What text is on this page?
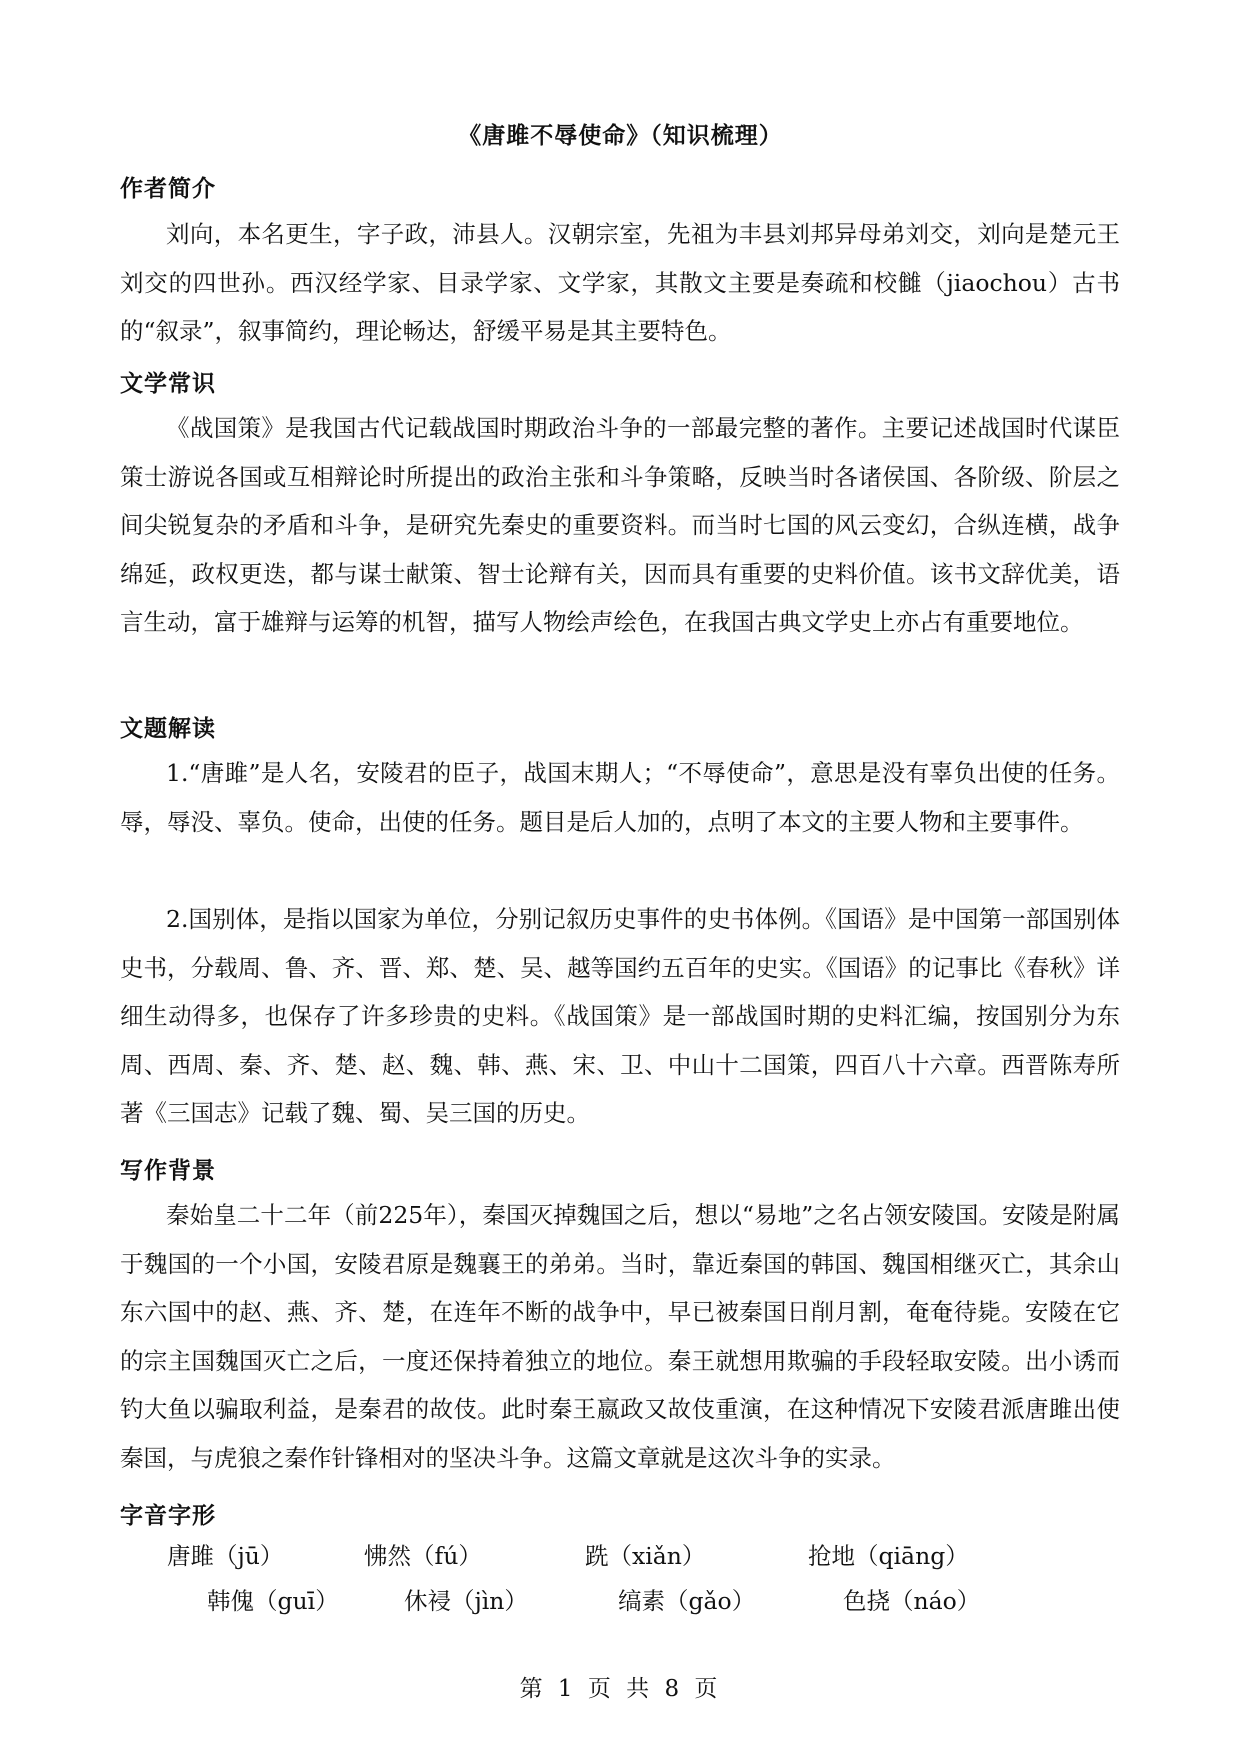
《唐雎不辱使命》（知识梳理）
作者简介

刘向，本名更生，字子政，沛县人。汉朝宗室，先祖为丰县刘邦异母弟刘交，刘向是楚元王刘交的四世孙。西汉经学家、目录学家、文学家，其散文主要是奏疏和校雠（jiaochou）古书的“叙录”，叙事简约，理论畅达，舒缓平易是其主要特色。

文学常识

《战国策》是我国古代记载战国时期政治斗争的一部最完整的著作。主要记述战国时代谋臣策士游说各国或互相辩论时所提出的政治主张和斗争策略，反映当时各诸侯国、各阶级、阶层之间尖锐复杂的矛盾和斗争，是研究先秦史的重要资料。而当时七国的风云变幻，合纵连横，战争绵延，政权更迭，都与谋士献策、智士论辩有关，因而具有重要的史料价值。该书文辞优美，语言生动，富于雄辩与运筹的机智，描写人物绘声绘色，在我国古典文学史上亦占有重要地位。

文题解读

1.“唐雎”是人名，安陵君的臣子，战国末期人；“不辱使命”，意思是没有辜负出使的任务。辱，辱没、辜负。使命，出使的任务。题目是后人加的，点明了本文的主要人物和主要事件。

2.国别体，是指以国家为单位，分别记叙历史事件的史书体例。《国语》是中国第一部国别体史书，分载周、鲁、齐、晋、郑、楚、吴、越等国约五百年的史实。《国语》的记事比《春秋》详细生动得多，也保存了许多珍贵的史料。《战国策》是一部战国时期的史料汇编，按国别分为东周、西周、秦、齐、楚、赵、魏、韩、燕、宋、卫、中山十二国策，四百八十六章。西晋陈寿所著《三国志》记载了魏、蜀、吴三国的历史。

写作背景

秦始皇二十二年（前225年），秦国灭掉魏国之后，想以“易地”之名占领安陵国。安陵是附属于魏国的一个小国，安陵君原是魏襄王的弟弟。当时，靠近秦国的韩国、魏国相继灭亡，其余山东六国中的赵、燕、齐、楚，在连年不断的战争中，早已被秦国日削月割，奄奄待毙。安陵在它的宗主国魏国灭亡之后，一度还保持着独立的地位。秦王就想用欺骗的手段轻取安陵。出小诱而钓大鱼以骗取利益，是秦君的故伎。此时秦王嬴政又故伎重演，在这种情况下安陵君派唐雎出使秦国，与虎狼之秦作针锋相对的坚决斗争。这篇文章就是这次斗争的实录。

字音字形
唐雎（jū）	怫然（fú）	跣（xiǎn）	抢地（qiāng）
韩傀（guī）	休祲（jìn）	缟素（gǎo）	色挠（náo）
第 1 页 共 8 页
